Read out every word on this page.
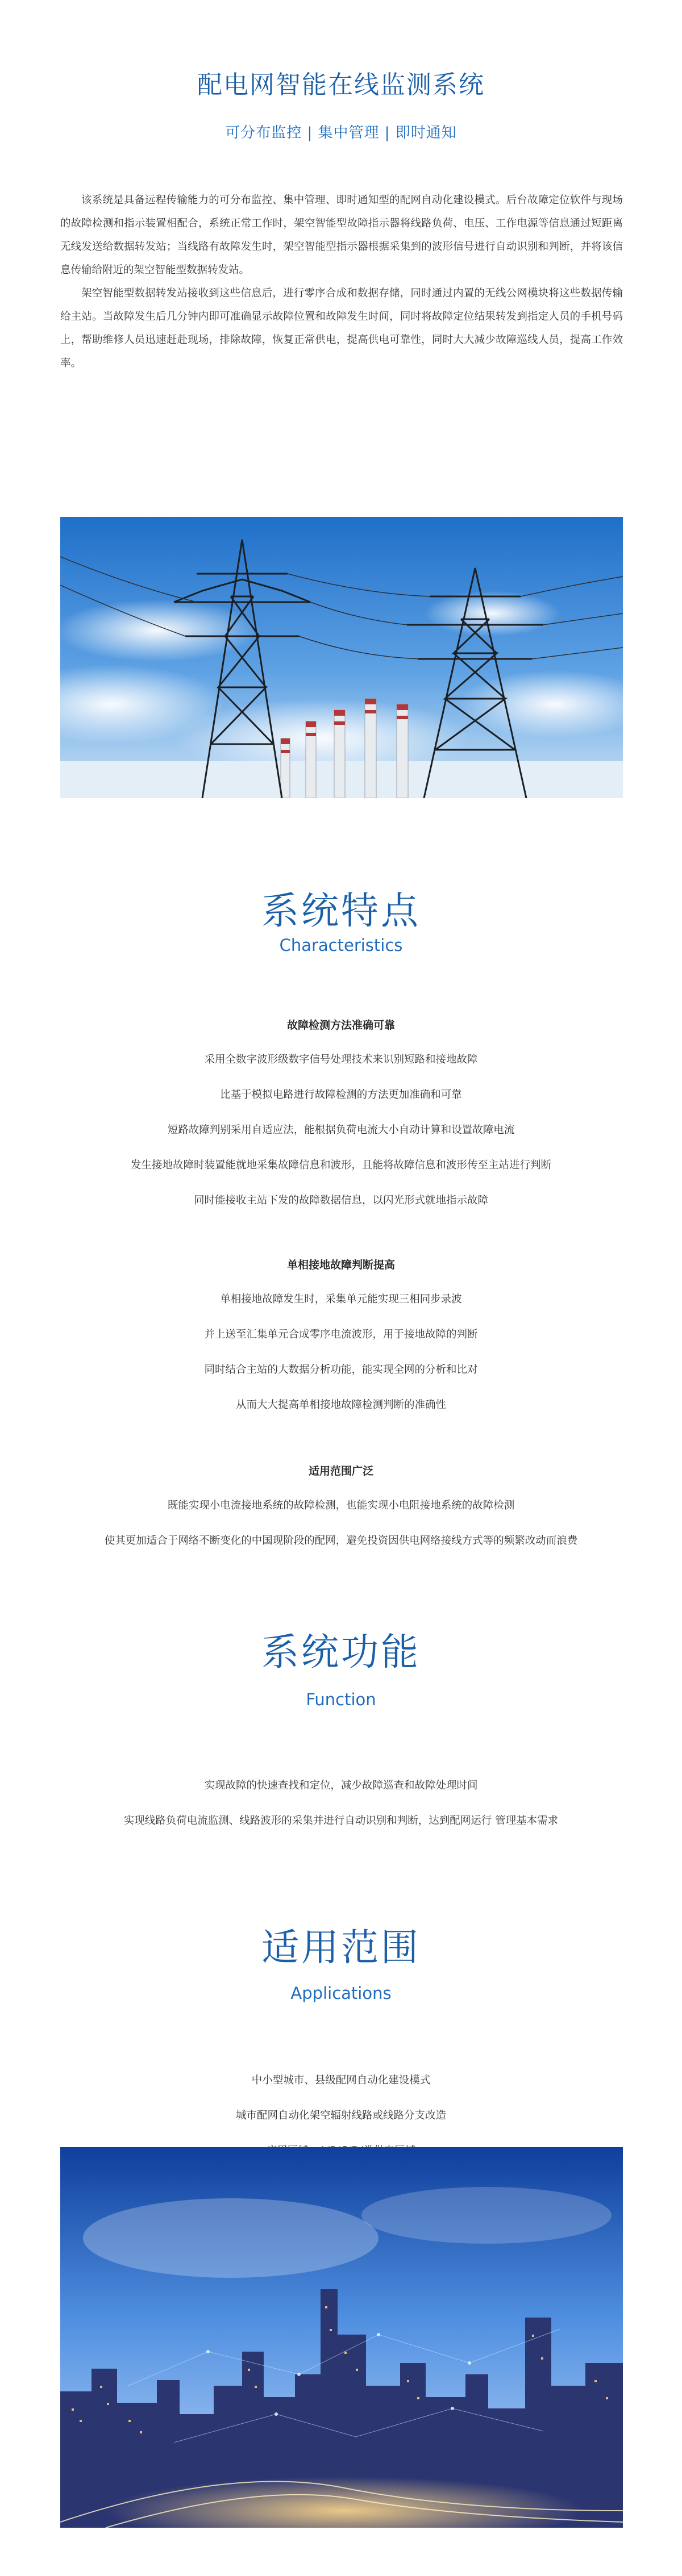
配电网智能在线监测系统
可分布监控 | 集中管理 | 即时通知

该系统是具备远程传输能力的可分布监控、集中管理、即时通知型的配网自动化建设模式。后台故障定位软件与现场的故障检测和指示装置相配合，系统正常工作时，架空智能型故障指示器将线路负荷、电压、工作电源等信息通过短距离无线发送给数据转发站；当线路有故障发生时，架空智能型指示器根据采集到的波形信号进行自动识别和判断，并将该信息传输给附近的架空智能型数据转发站。

架空智能型数据转发站接收到这些信息后，进行零序合成和数据存储，同时通过内置的无线公网模块将这些数据传输给主站。当故障发生后几分钟内即可准确显示故障位置和故障发生时间，同时将故障定位结果转发到指定人员的手机号码上，帮助维修人员迅速赶赴现场，排除故障，恢复正常供电，提高供电可靠性，同时大大减少故障巡线人员，提高工作效率。

系统特点
Characteristics
故障检测方法准确可靠
采用全数字波形级数字信号处理技术来识别短路和接地故障
比基于模拟电路进行故障检测的方法更加准确和可靠
短路故障判别采用自适应法，能根据负荷电流大小自动计算和设置故障电流
发生接地故障时装置能就地采集故障信息和波形，且能将故障信息和波形传至主站进行判断
同时能接收主站下发的故障数据信息，以闪光形式就地指示故障
单相接地故障判断提高
单相接地故障发生时，采集单元能实现三相同步录波
并上送至汇集单元合成零序电流波形，用于接地故障的判断
同时结合主站的大数据分析功能，能实现全网的分析和比对
从而大大提高单相接地故障检测判断的准确性
适用范围广泛
既能实现小电流接地系统的故障检测，也能实现小电阻接地系统的故障检测
使其更加适合于网络不断变化的中国现阶段的配网，避免投资因供电网络接线方式等的频繁改动而浪费
系统功能
Function
实现故障的快速查找和定位，减少故障巡查和故障处理时间
实现线路负荷电流监测、线路波形的采集并进行自动识别和判断，达到配网运行 管理基本需求
适用范围
Applications
中小型城市、县级配网自动化建设模式
城市配网自动化架空辐射线路或线路分支改造
